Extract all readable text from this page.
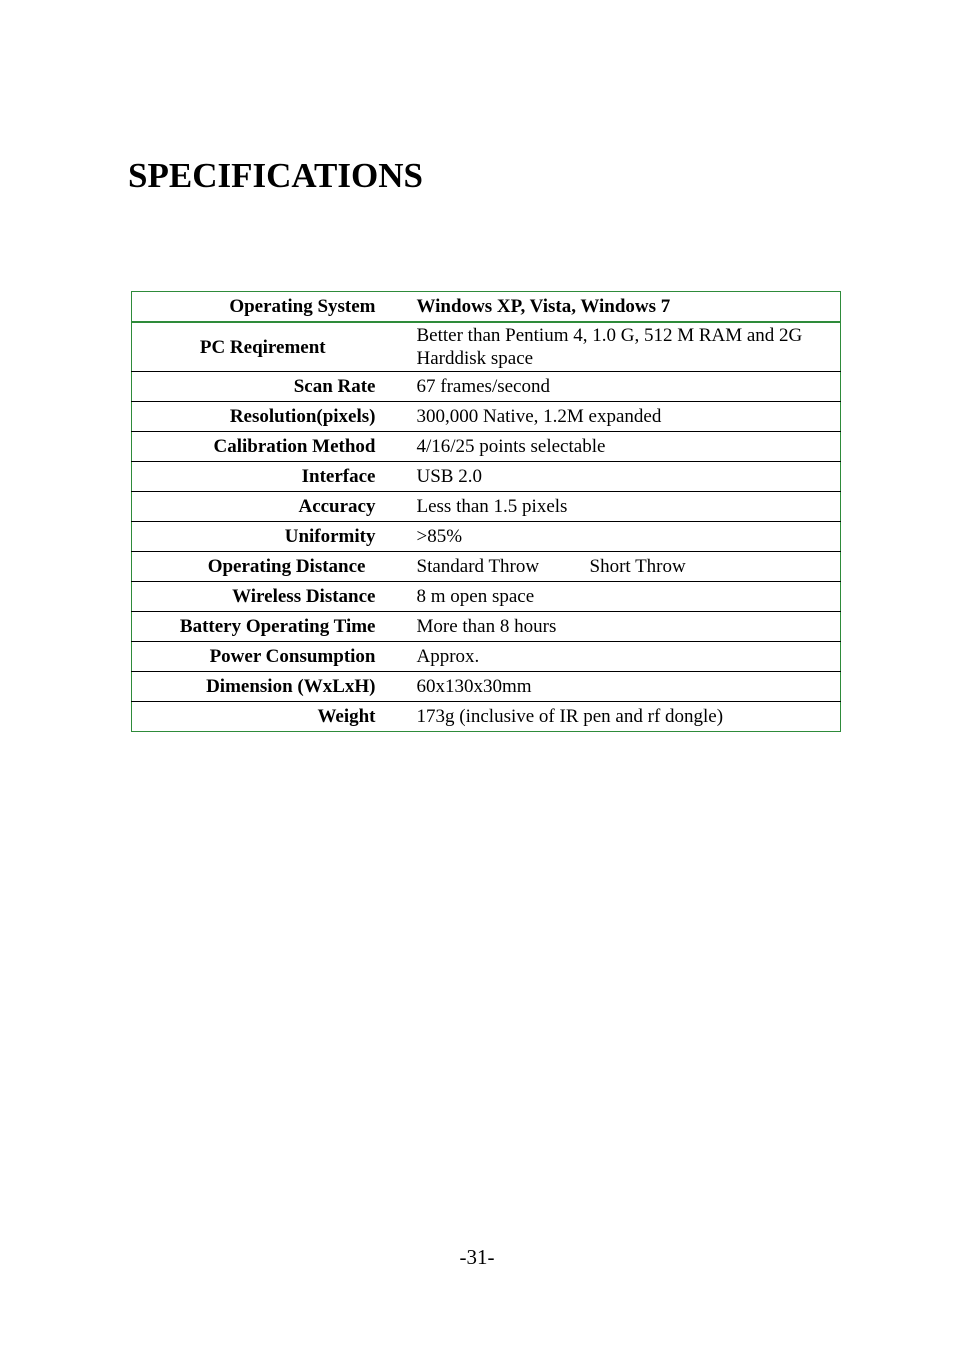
SPECIFICATIONS
Operating System	Windows XP, Vista, Windows 7
PC Reqirement	Better than Pentium 4, 1.0 G, 512 M RAM and 2G Harddisk space
Scan Rate	67 frames/second
Resolution(pixels)	300,000 Native, 1.2M expanded
Calibration Method	4/16/25 points selectable
Interface	USB 2.0
Accuracy	Less than 1.5 pixels
Uniformity	>85%
Operating Distance	Standard Throw Short Throw
Wireless Distance	8 m open space
Battery Operating Time	More than 8 hours
Power Consumption	Approx.
Dimension (WxLxH)	60x130x30mm
Weight	173g (inclusive of IR pen and rf dongle)
-31-
